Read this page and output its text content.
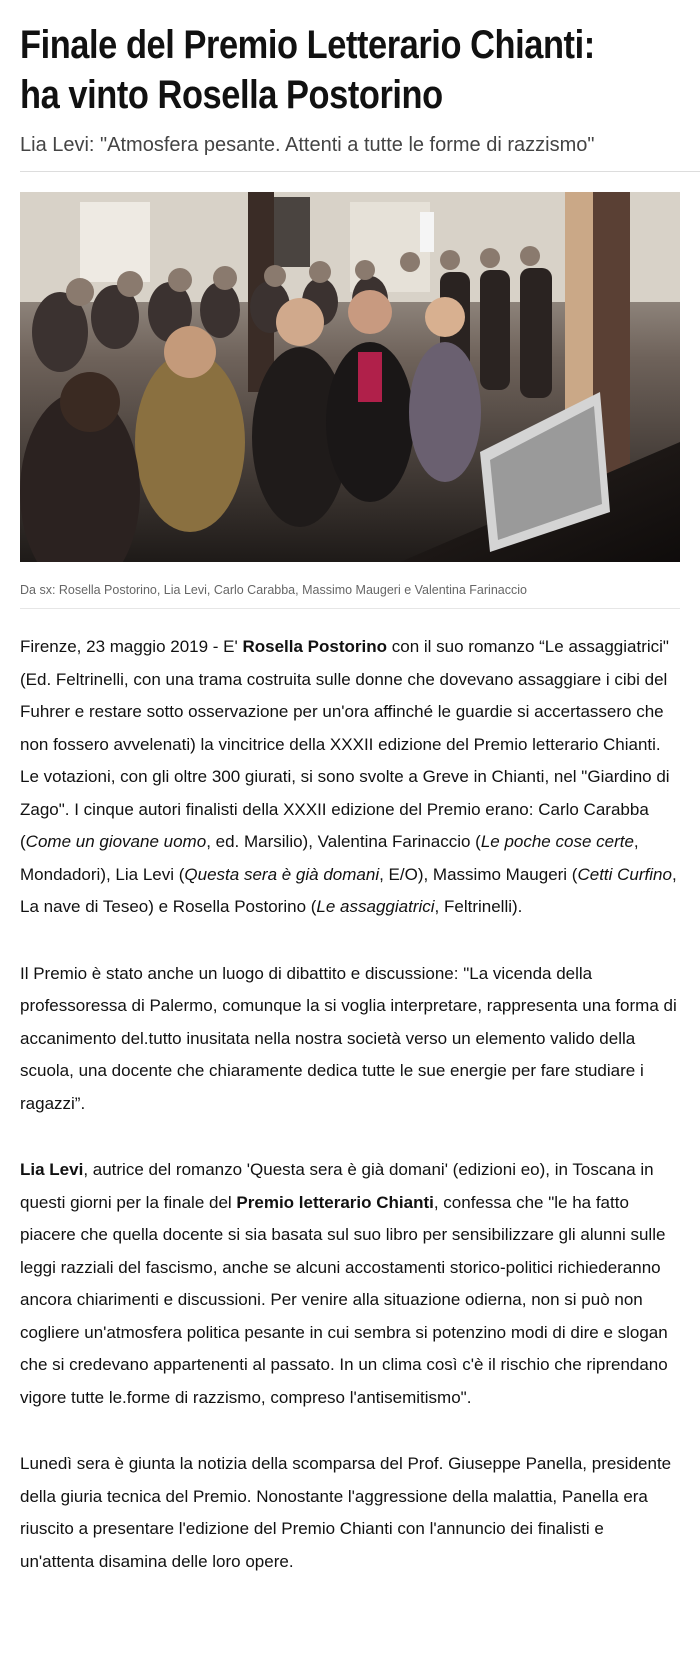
Finale del Premio Letterario Chianti:
ha vinto Rosella Postorino
Lia Levi: "Atmosfera pesante. Attenti a tutte le forme di razzismo"
Da sx: Rosella Postorino, Lia Levi, Carlo Carabba, Massimo Maugeri e Valentina Farinaccio

Firenze, 23 maggio 2019 - E' Rosella Postorino con il suo romanzo “Le assaggiatrici" (Ed. Feltrinelli, con una trama costruita sulle donne che dovevano assaggiare i cibi del Fuhrer e restare sotto osservazione per un'ora affinché le guardie si accertassero che non fossero avvelenati) la vincitrice della XXXII edizione del Premio letterario Chianti. Le votazioni, con gli oltre 300 giurati, si sono svolte a Greve in Chianti, nel "Giardino di Zago". I cinque autori finalisti della XXXII edizione del Premio erano: Carlo Carabba (Come un giovane uomo, ed. Marsilio), Valentina Farinaccio (Le poche cose certe, Mondadori), Lia Levi (Questa sera è già domani, E/O), Massimo Maugeri (Cetti Curfino, La nave di Teseo) e Rosella Postorino (Le assaggiatrici, Feltrinelli).

Il Premio è stato anche un luogo di dibattito e discussione: "La vicenda della professoressa di Palermo, comunque la si voglia interpretare, rappresenta una forma di accanimento del.tutto inusitata nella nostra società verso un elemento valido della scuola, una docente che chiaramente dedica tutte le sue energie per fare studiare i ragazzi”.

Lia Levi, autrice del romanzo 'Questa sera è già domani' (edizioni eo), in Toscana in questi giorni per la finale del Premio letterario Chianti, confessa che "le ha fatto piacere che quella docente si sia basata sul suo libro per sensibilizzare gli alunni sulle leggi razziali del fascismo, anche se alcuni accostamenti storico-politici richiederanno ancora chiarimenti e discussioni. Per venire alla situazione odierna, non si può non cogliere un'atmosfera politica pesante in cui sembra si potenzino modi di dire e slogan che si credevano appartenenti al passato. In un clima così c'è il rischio che riprendano vigore tutte le.forme di razzismo, compreso l'antisemitismo".

Lunedì sera è giunta la notizia della scomparsa del Prof. Giuseppe Panella, presidente della giuria tecnica del Premio. Nonostante l'aggressione della malattia, Panella era riuscito a presentare l'edizione del Premio Chianti con l'annuncio dei finalisti e un'attenta disamina delle loro opere.
